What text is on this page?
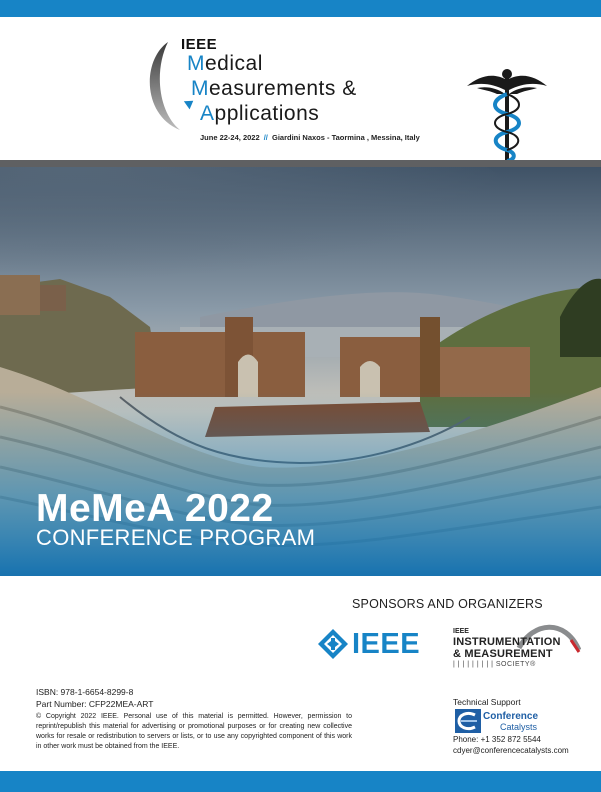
IEEE
Medical
Measurements &
Applications
June 22-24, 2022 // Giardini Naxos - Taormina , Messina, Italy
MeMeA 2022
CONFERENCE PROGRAM
SPONSORS AND ORGANIZERS
IEEE	IEEE
INSTRUMENTATION
& MEASUREMENT
| | | | | | | | | SOCIETY®
ISBN: 978-1-6654-8299-8
Part Number: CFP22MEA-ART
© Copyright 2022 IEEE. Personal use of this material is permitted. However, permission to reprint/republish this material for advertising or promotional purposes or for creating new collective works for resale or redistribution to servers or lists, or to use any copyrighted component of this work in other work must be obtained from the IEEE.
Technical Support
Conference
Catalysts
Phone: +1 352 872 5544
cdyer@conferencecatalysts.com
